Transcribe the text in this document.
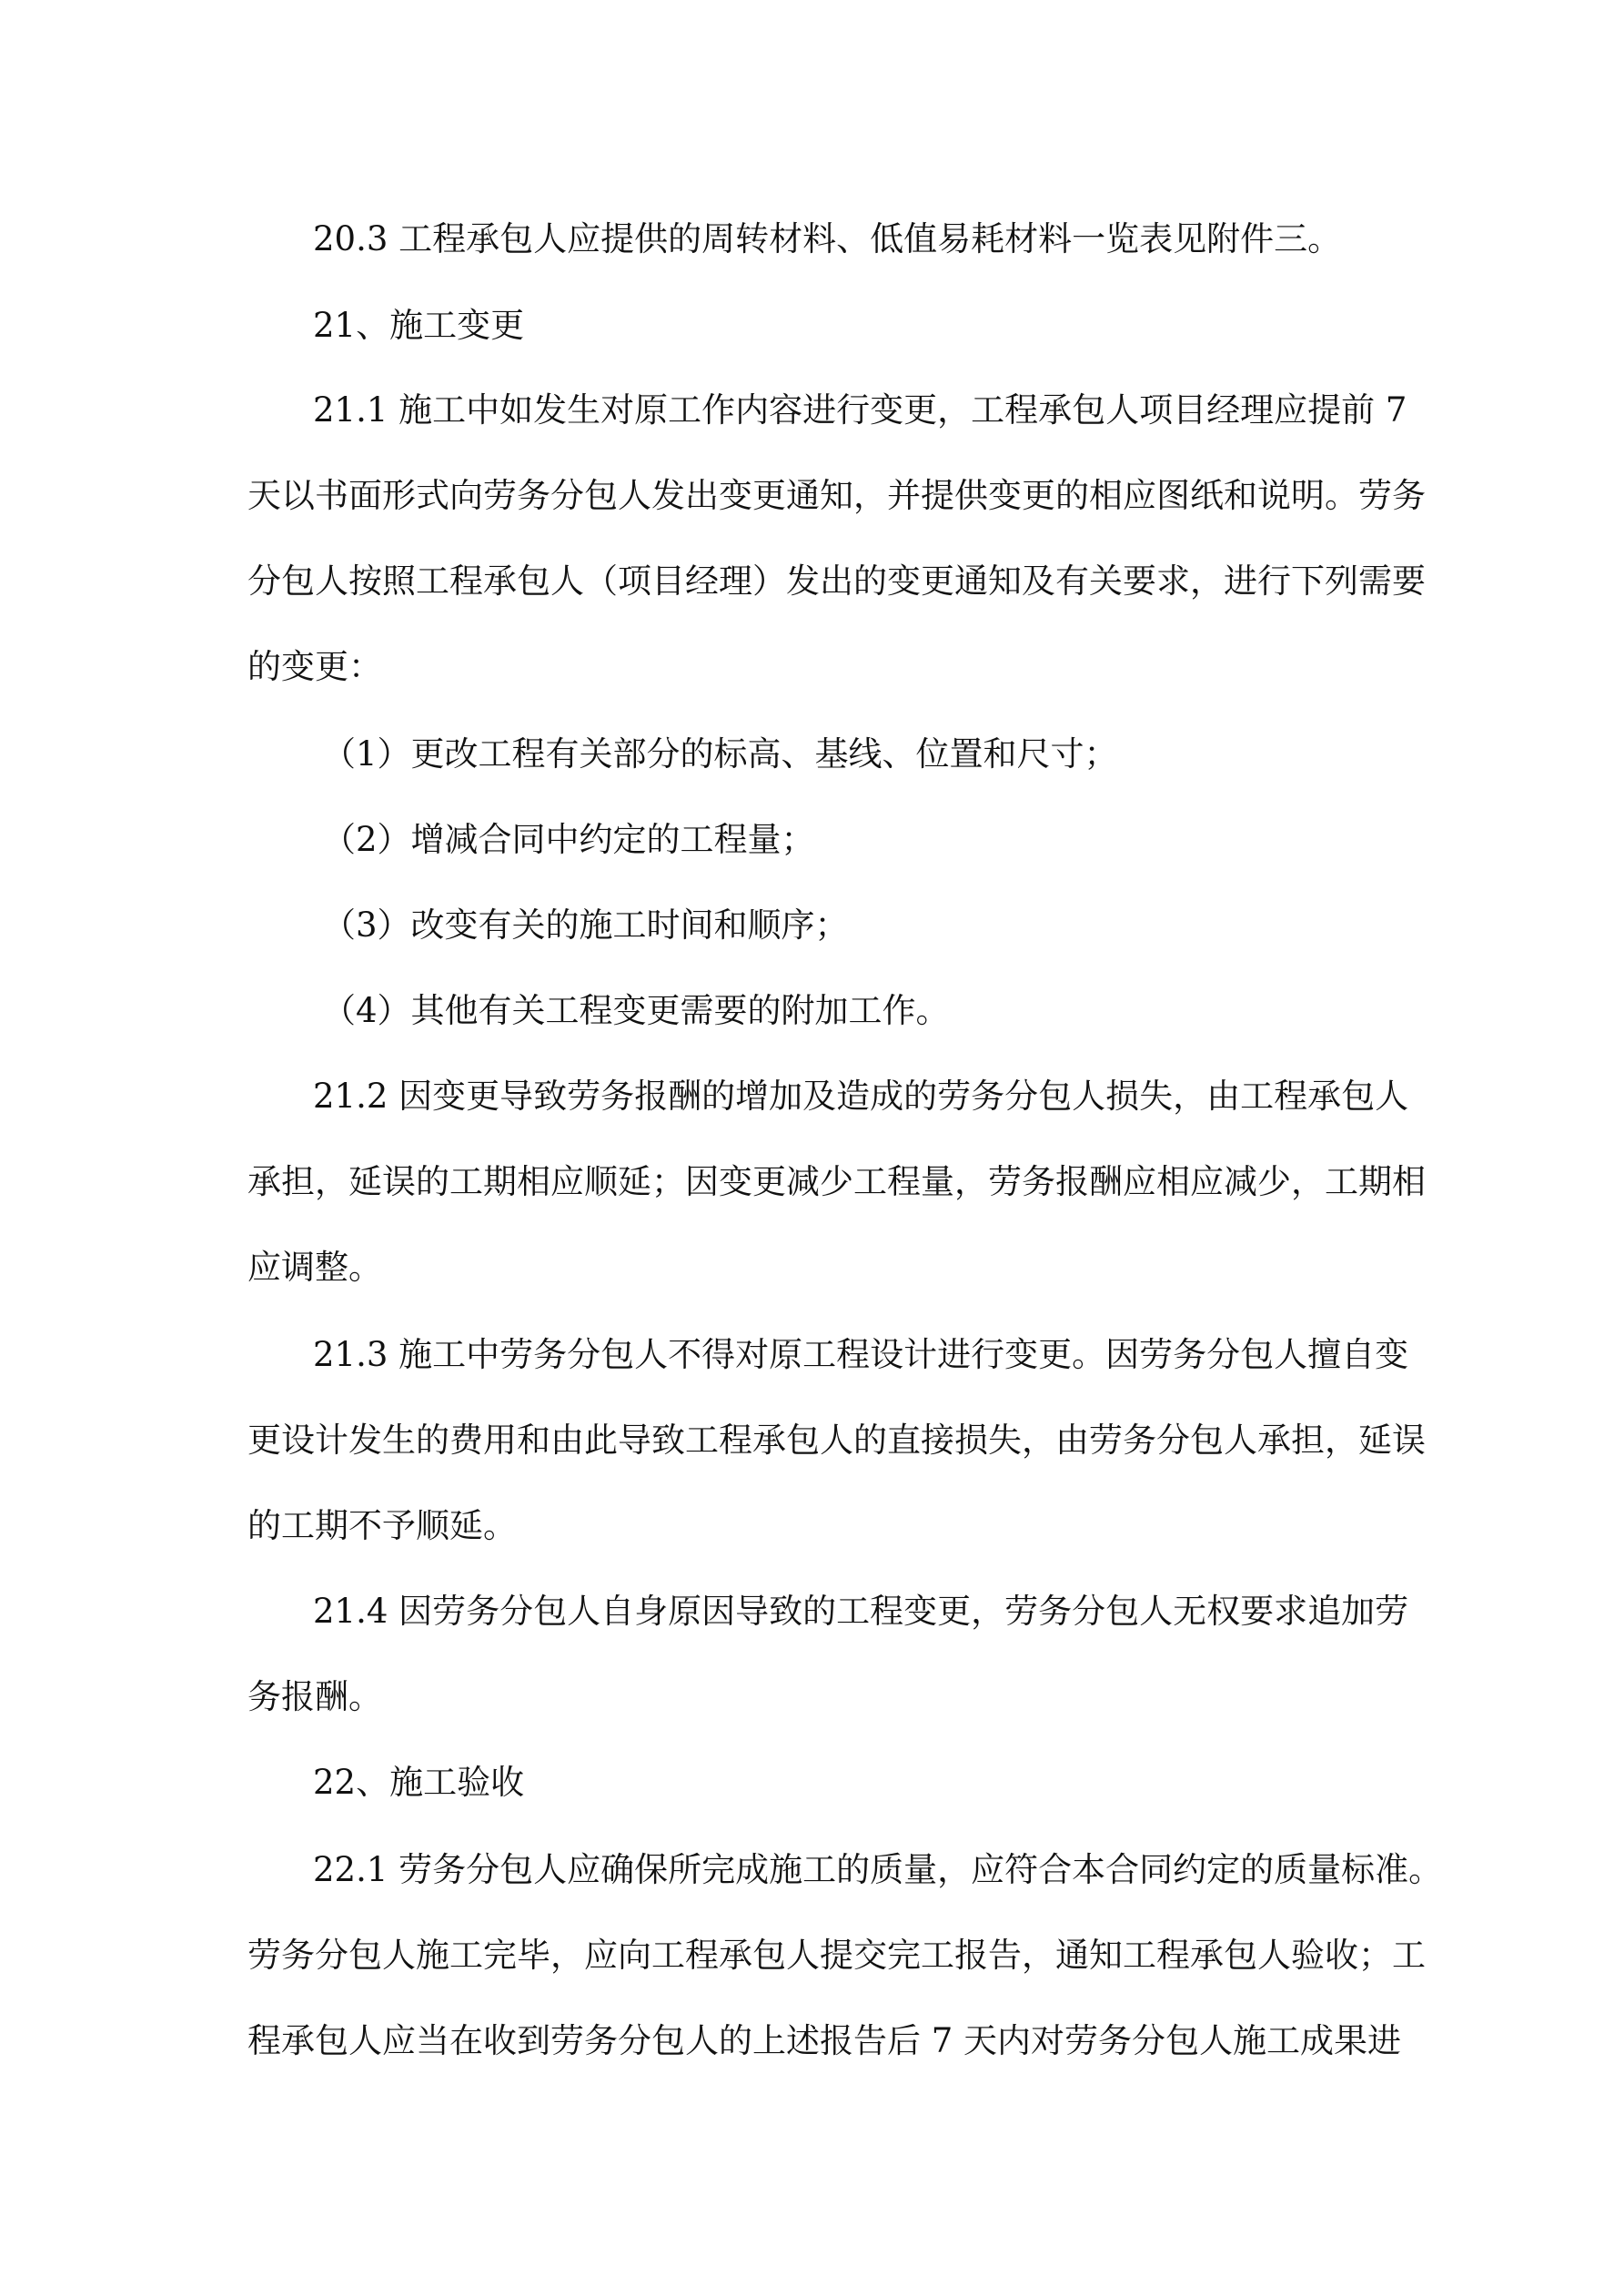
20.3 工程承包人应提供的周转材料、低值易耗材料一览表见附件三。
21、施工变更
21.1 施工中如发生对原工作内容进行变更，工程承包人项目经理应提前 7
天以书面形式向劳务分包人发出变更通知，并提供变更的相应图纸和说明。劳务
分包人按照工程承包人（项目经理）发出的变更通知及有关要求，进行下列需要
的变更：
（1）更改工程有关部分的标高、基线、位置和尺寸；
（2）增减合同中约定的工程量；
（3）改变有关的施工时间和顺序；
（4）其他有关工程变更需要的附加工作。
21.2 因变更导致劳务报酬的增加及造成的劳务分包人损失，由工程承包人
承担，延误的工期相应顺延；因变更减少工程量，劳务报酬应相应减少，工期相
应调整。
21.3 施工中劳务分包人不得对原工程设计进行变更。因劳务分包人擅自变
更设计发生的费用和由此导致工程承包人的直接损失，由劳务分包人承担，延误
的工期不予顺延。
21.4 因劳务分包人自身原因导致的工程变更，劳务分包人无权要求追加劳
务报酬。
22、施工验收
22.1 劳务分包人应确保所完成施工的质量，应符合本合同约定的质量标准。
劳务分包人施工完毕，应向工程承包人提交完工报告，通知工程承包人验收；工
程承包人应当在收到劳务分包人的上述报告后 7 天内对劳务分包人施工成果进
